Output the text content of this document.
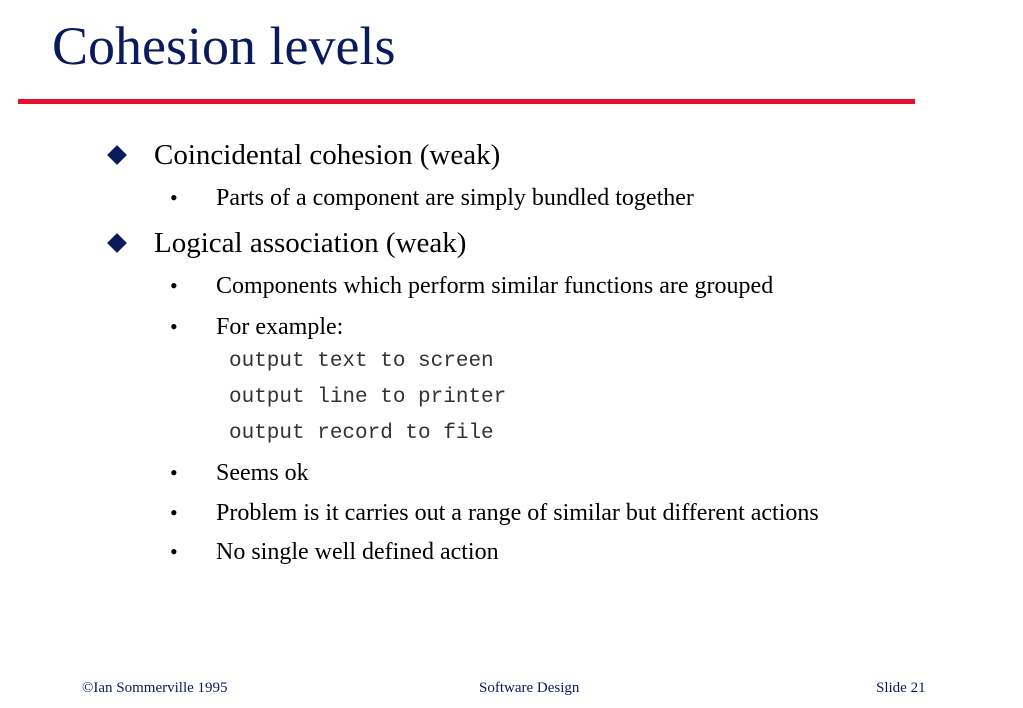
Cohesion levels
Coincidental cohesion (weak)
• Parts of a component are simply bundled together
Logical association (weak)
• Components which perform similar functions are grouped
• For example:
output text to screen
output line to printer
output record to file
• Seems ok
• Problem is it carries out a range of similar but different actions
• No single well defined action
©Ian Sommerville 1995	Software Design	Slide 21
